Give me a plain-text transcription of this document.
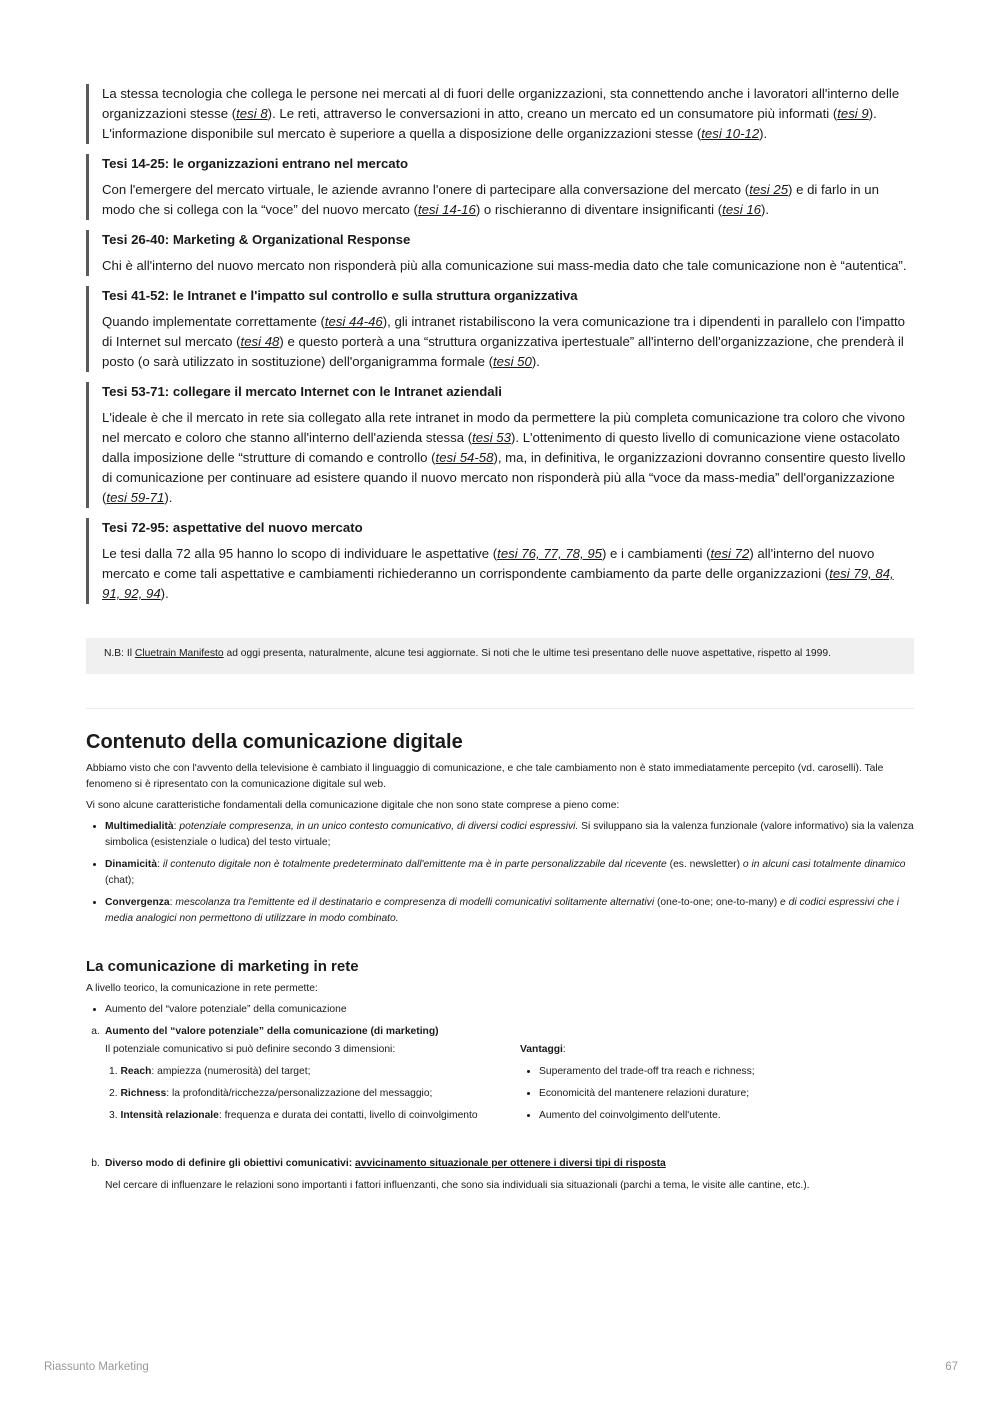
La stessa tecnologia che collega le persone nei mercati al di fuori delle organizzazioni, sta connettendo anche i lavoratori all'interno delle organizzazioni stesse (tesi 8). Le reti, attraverso le conversazioni in atto, creano un mercato ed un consumatore più informati (tesi 9). L'informazione disponibile sul mercato è superiore a quella a disposizione delle organizzazioni stesse (tesi 10-12).

Tesi 14-25: le organizzazioni entrano nel mercato

Con l'emergere del mercato virtuale, le aziende avranno l'onere di partecipare alla conversazione del mercato (tesi 25) e di farlo in un modo che si collega con la “voce” del nuovo mercato (tesi 14-16) o rischieranno di diventare insignificanti (tesi 16).

Tesi 26-40: Marketing & Organizational Response

Chi è all'interno del nuovo mercato non risponderà più alla comunicazione sui mass-media dato che tale comunicazione non è “autentica”.

Tesi 41-52: le Intranet e l'impatto sul controllo e sulla struttura organizzativa

Quando implementate correttamente (tesi 44-46), gli intranet ristabiliscono la vera comunicazione tra i dipendenti in parallelo con l'impatto di Internet sul mercato (tesi 48) e questo porterà a una “struttura organizzativa ipertestuale” all'interno dell'organizzazione, che prenderà il posto (o sarà utilizzato in sostituzione) dell'organigramma formale (tesi 50).

Tesi 53-71: collegare il mercato Internet con le Intranet aziendali

L'ideale è che il mercato in rete sia collegato alla rete intranet in modo da permettere la più completa comunicazione tra coloro che vivono nel mercato e coloro che stanno all'interno dell'azienda stessa (tesi 53). L'ottenimento di questo livello di comunicazione viene ostacolato dalla imposizione delle “strutture di comando e controllo (tesi 54-58), ma, in definitiva, le organizzazioni dovranno consentire questo livello di comunicazione per continuare ad esistere quando il nuovo mercato non risponderà più alla “voce da mass-media” dell'organizzazione (tesi 59-71).

Tesi 72-95: aspettative del nuovo mercato

Le tesi dalla 72 alla 95 hanno lo scopo di individuare le aspettative (tesi 76, 77, 78, 95) e i cambiamenti (tesi 72) all'interno del nuovo mercato e come tali aspettative e cambiamenti richiederanno un corrispondente cambiamento da parte delle organizzazioni (tesi 79, 84, 91, 92, 94).

N.B: Il Cluetrain Manifesto ad oggi presenta, naturalmente, alcune tesi aggiornate. Si noti che le ultime tesi presentano delle nuove aspettative, rispetto al 1999.
Contenuto della comunicazione digitale

Abbiamo visto che con l'avvento della televisione è cambiato il linguaggio di comunicazione, e che tale cambiamento non è stato immediatamente percepito (vd. caroselli). Tale fenomeno si è ripresentato con la comunicazione digitale sul web.

Vi sono alcune caratteristiche fondamentali della comunicazione digitale che non sono state comprese a pieno come:

• Multimedialità: potenziale compresenza, in un unico contesto comunicativo, di diversi codici espressivi. Si sviluppano sia la valenza funzionale (valore informativo) sia la valenza simbolica (esistenziale o ludica) del testo virtuale;
• Dinamicità: il contenuto digitale non è totalmente predeterminato dall'emittente ma è in parte personalizzabile dal ricevente (es. newsletter) o in alcuni casi totalmente dinamico (chat);
• Convergenza: mescolanza tra l'emittente ed il destinatario e compresenza di modelli comunicativi solitamente alternativi (one-to-one; one-to-many) e di codici espressivi che i media analogici non permettono di utilizzare in modo combinato.
La comunicazione di marketing in rete

A livello teorico, la comunicazione in rete permette:

• Aumento del “valore potenziale” della comunicazione
a. Aumento del “valore potenziale” della comunicazione (di marketing)
Il potenziale comunicativo si può definire secondo 3 dimensioni:
1. Reach: ampiezza (numerosità) del target;
2. Richness: la profondità/ricchezza/personalizzazione del messaggio;
3. Intensità relazionale: frequenza e durata dei contatti, livello di coinvolgimento
Vantaggi:
• Superamento del trade-off tra reach e richness;
• Economicità del mantenere relazioni durature;
• Aumento del coinvolgimento dell'utente.
b. Diverso modo di definire gli obiettivi comunicativi: avvicinamento situazionale per ottenere i diversi tipi di risposta
Nel cercare di influenzare le relazioni sono importanti i fattori influenzanti, che sono sia individuali sia situazionali (parchi a tema, le visite alle cantine, etc.).
Riassunto Marketing	67
